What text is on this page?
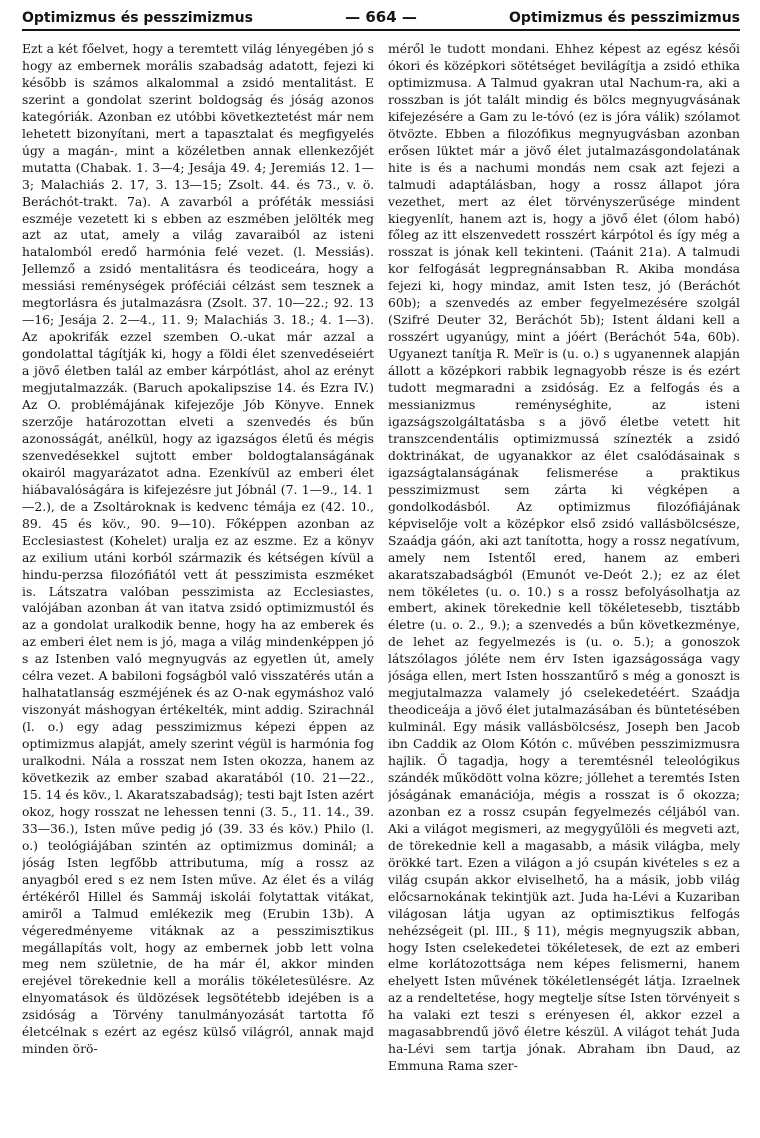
Optimizmus és pesszimizmus	— 664 —	Optimizmus és pesszimizmus

Ezt a két főelvet, hogy a teremtett világ lényegében jó s hogy az embernek morális szabadság adatott, fejezi ki később is számos alkalommal a zsidó mentalitást. E szerint a gondolat szerint boldogság és jóság azonos kategóriák. Azonban ez utóbbi következtetést már nem lehetett bizonyítani, mert a tapasztalat és megfigyelés úgy a magán-, mint a közéletben annak ellenkezőjét mutatta (Chabak. 1. 3—4; Jesája 49. 4; Jeremiás 12. 1—3; Malachiás 2. 17, 3. 13—15; Zsolt. 44. és 73., v. ö. Beráchót-trakt. 7a). A zavarból a próféták messiási eszméje vezetett ki s ebben az eszmében jelölték meg azt az utat, amely a világ zavaraiból az isteni hatalomból eredő harmónia felé vezet. (l. Messiás). Jellemző a zsidó mentalitásra és teodiceára, hogy a messiási reménységek próféciái célzást sem tesznek a megtorlásra és jutalmazásra (Zsolt. 37. 10—22.; 92. 13—16; Jesája 2. 2—4., 11. 9; Malachiás 3. 18.; 4. 1—3). Az apokrifák ezzel szemben O.-ukat már azzal a gondolattal tágítják ki, hogy a földi élet szenvedéseiért a jövő életben talál az ember kárpótlást, ahol az erényt megjutalmazzák. (Baruch apokalipszise 14. és Ezra IV.) Az O. problémájának kifejezője Jób Könyve. Ennek szerzője határozottan elveti a szenvedés és bűn azonosságát, anélkül, hogy az igazságos életű és mégis szenvedésekkel sujtott ember boldogtalanságának okairól magyarázatot adna. Ezenkívül az emberi élet hiábavalóságára is kifejezésre jut Jóbnál (7. 1—9., 14. 1—2.), de a Zsoltároknak is kedvenc témája ez (42. 10., 89. 45 és köv., 90. 9—10). Főképpen azonban az Ecclesiastest (Kohelet) uralja ez az eszme. Ez a könyv az exilium utáni korból származik és kétségen kívül a hindu-perzsa filozófiától vett át pesszimista eszméket is. Látszatra valóban pesszimista az Ecclesiastes, valójában azonban át van itatva zsidó optimizmustól és az a gondolat uralkodik benne, hogy ha az emberek és az emberi élet nem is jó, maga a világ mindenképpen jó s az Istenben való megnyugvás az egyetlen út, amely célra vezet. A babiloni fogságból való visszatérés után a halhatatlanság eszméjének és az O-nak egymáshoz való viszonyát máshogyan értékelték, mint addig. Szirachnál (l. o.) egy adag pesszimizmus képezi éppen az optimizmus alapját, amely szerint végül is harmónia fog uralkodni. Nála a rosszat nem Isten okozza, hanem az következik az ember szabad akaratából (10. 21—22., 15. 14 és köv., l. Akaratszabadság); testi bajt Isten azért okoz, hogy rosszat ne lehessen tenni (3. 5., 11. 14., 39. 33—36.), Isten műve pedig jó (39. 33 és köv.) Philo (l. o.) teológiájában szintén az optimizmus dominál; a jóság Isten legfőbb attributuma, míg a rossz az anyagból ered s ez nem Isten műve. Az élet és a világ értékéről Hillel és Sammáj iskolái folytattak vitákat, amiről a Talmud emlékezik meg (Erubin 13b). A végeredményeme vitáknak az a pesszimisztikus megállapítás volt, hogy az embernek jobb lett volna meg nem születnie, de ha már él, akkor minden erejével törekednie kell a morális tökéletesülésre. Az elnyomatások és üldözések legsötétebb idejében is a zsidóság a Törvény tanulmányozását tartotta fő életcélnak s ezért az egész külső világról, annak majd minden örö-

méről le tudott mondani. Ehhez képest az egész késői ókori és középkori sötétséget bevilágítja a zsidó ethika optimizmusa. A Talmud gyakran utal Nachum-ra, aki a rosszban is jót talált mindig és bölcs megnyugvásának kifejezésére a Gam zu le-tóvó (ez is jóra válik) szólamot ötvözte. Ebben a filozófikus megnyugvásban azonban erősen lüktet már a jövő élet jutalmazásgondolatának hite is és a nachumi mondás nem csak azt fejezi a talmudi adaptálásban, hogy a rossz állapot jóra vezethet, mert az élet törvényszerűsége mindent kiegyenlít, hanem azt is, hogy a jövő élet (ólom habó) főleg az itt elszenvedett rosszért kárpótol és így még a rosszat is jónak kell tekinteni. (Taánit 21a). A talmudi kor felfogását legpregnánsabban R. Akiba mondása fejezi ki, hogy mindaz, amit Isten tesz, jó (Beráchót 60b); a szenvedés az ember fegyelmezésére szolgál (Szifré Deuter 32, Beráchót 5b); Istent áldani kell a rosszért ugyanúgy, mint a jóért (Beráchót 54a, 60b). Ugyanezt tanítja R. Meïr is (u. o.) s ugyanennek alapján állott a középkori rabbik legnagyobb része is és ezért tudott megmaradni a zsidóság. Ez a felfogás és a messianizmus reménységhite, az isteni igazságszolgáltatásba s a jövő életbe vetett hit transzcendentális optimizmussá színezték a zsidó doktrinákat, de ugyanakkor az élet csalódásainak s igazságtalanságának felismerése a praktikus pesszimizmust sem zárta ki végképen a gondolkodásból. Az optimizmus filozófiájának képviselője volt a középkor első zsidó vallásbölcsésze, Szaádja gáón, aki azt tanította, hogy a rossz negatívum, amely nem Istentől ered, hanem az emberi akaratszabadságból (Emunót ve-Deót 2.); ez az élet nem tökéletes (u. o. 10.) s a rossz befolyásolhatja az embert, akinek törekednie kell tökéletesebb, tisztább életre (u. o. 2., 9.); a szenvedés a bűn következménye, de lehet az fegyelmezés is (u. o. 5.); a gonoszok látszólagos jóléte nem érv Isten igazságossága vagy jósága ellen, mert Isten hosszantűrő s még a gonoszt is megjutalmazza valamely jó cselekedetéért. Szaádja theodiceája a jövő élet jutalmazásában és büntetésében kulminál. Egy másik vallásbölcsész, Joseph ben Jacob ibn Caddik az Olom Kótón c. művében pesszimizmusra hajlik. Ő tagadja, hogy a teremtésnél teleológikus szándék működött volna közre; jóllehet a teremtés Isten jóságának emanációja, mégis a rosszat is ő okozza; azonban ez a rossz csupán fegyelmezés céljából van. Aki a világot megismeri, az megygyűlöli és megveti azt, de törekednie kell a magasabb, a másik világba, mely örökké tart. Ezen a világon a jó csupán kivételes s ez a világ csupán akkor elviselhető, ha a másik, jobb világ előcsarnokának tekintjük azt. Juda ha-Lévi a Kuzariban világosan látja ugyan az optimisztikus felfogás nehézségeit (pl. III., § 11), mégis megnyugszik abban, hogy Isten cselekedetei tökéletesek, de ezt az emberi elme korlátozottsága nem képes felismerni, hanem ehelyett Isten művének tökéletlenségét látja. Izraelnek az a rendeltetése, hogy megtelje sítse Isten törvényeit s ha valaki ezt teszi s erényesen él, akkor ezzel a magasabbrendű jövő életre készül. A világot tehát Juda ha-Lévi sem tartja jónak. Abraham ibn Daud, az Emmuna Rama szer-
